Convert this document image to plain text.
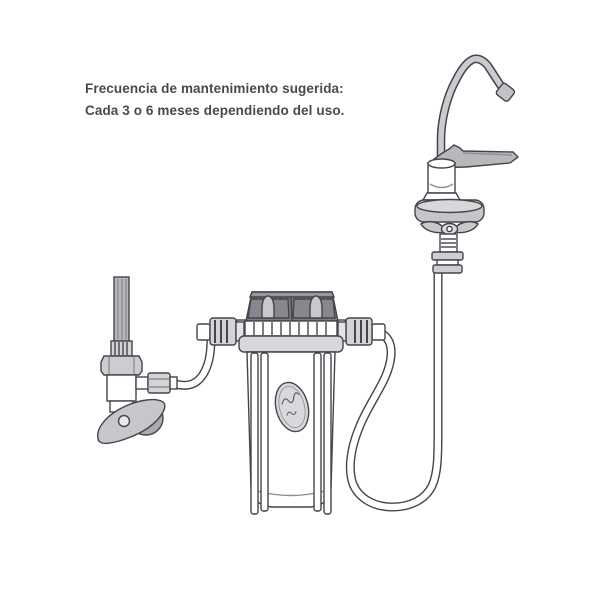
Frecuencia de mantenimiento sugerida:
Cada 3 o 6 meses dependiendo del uso.
